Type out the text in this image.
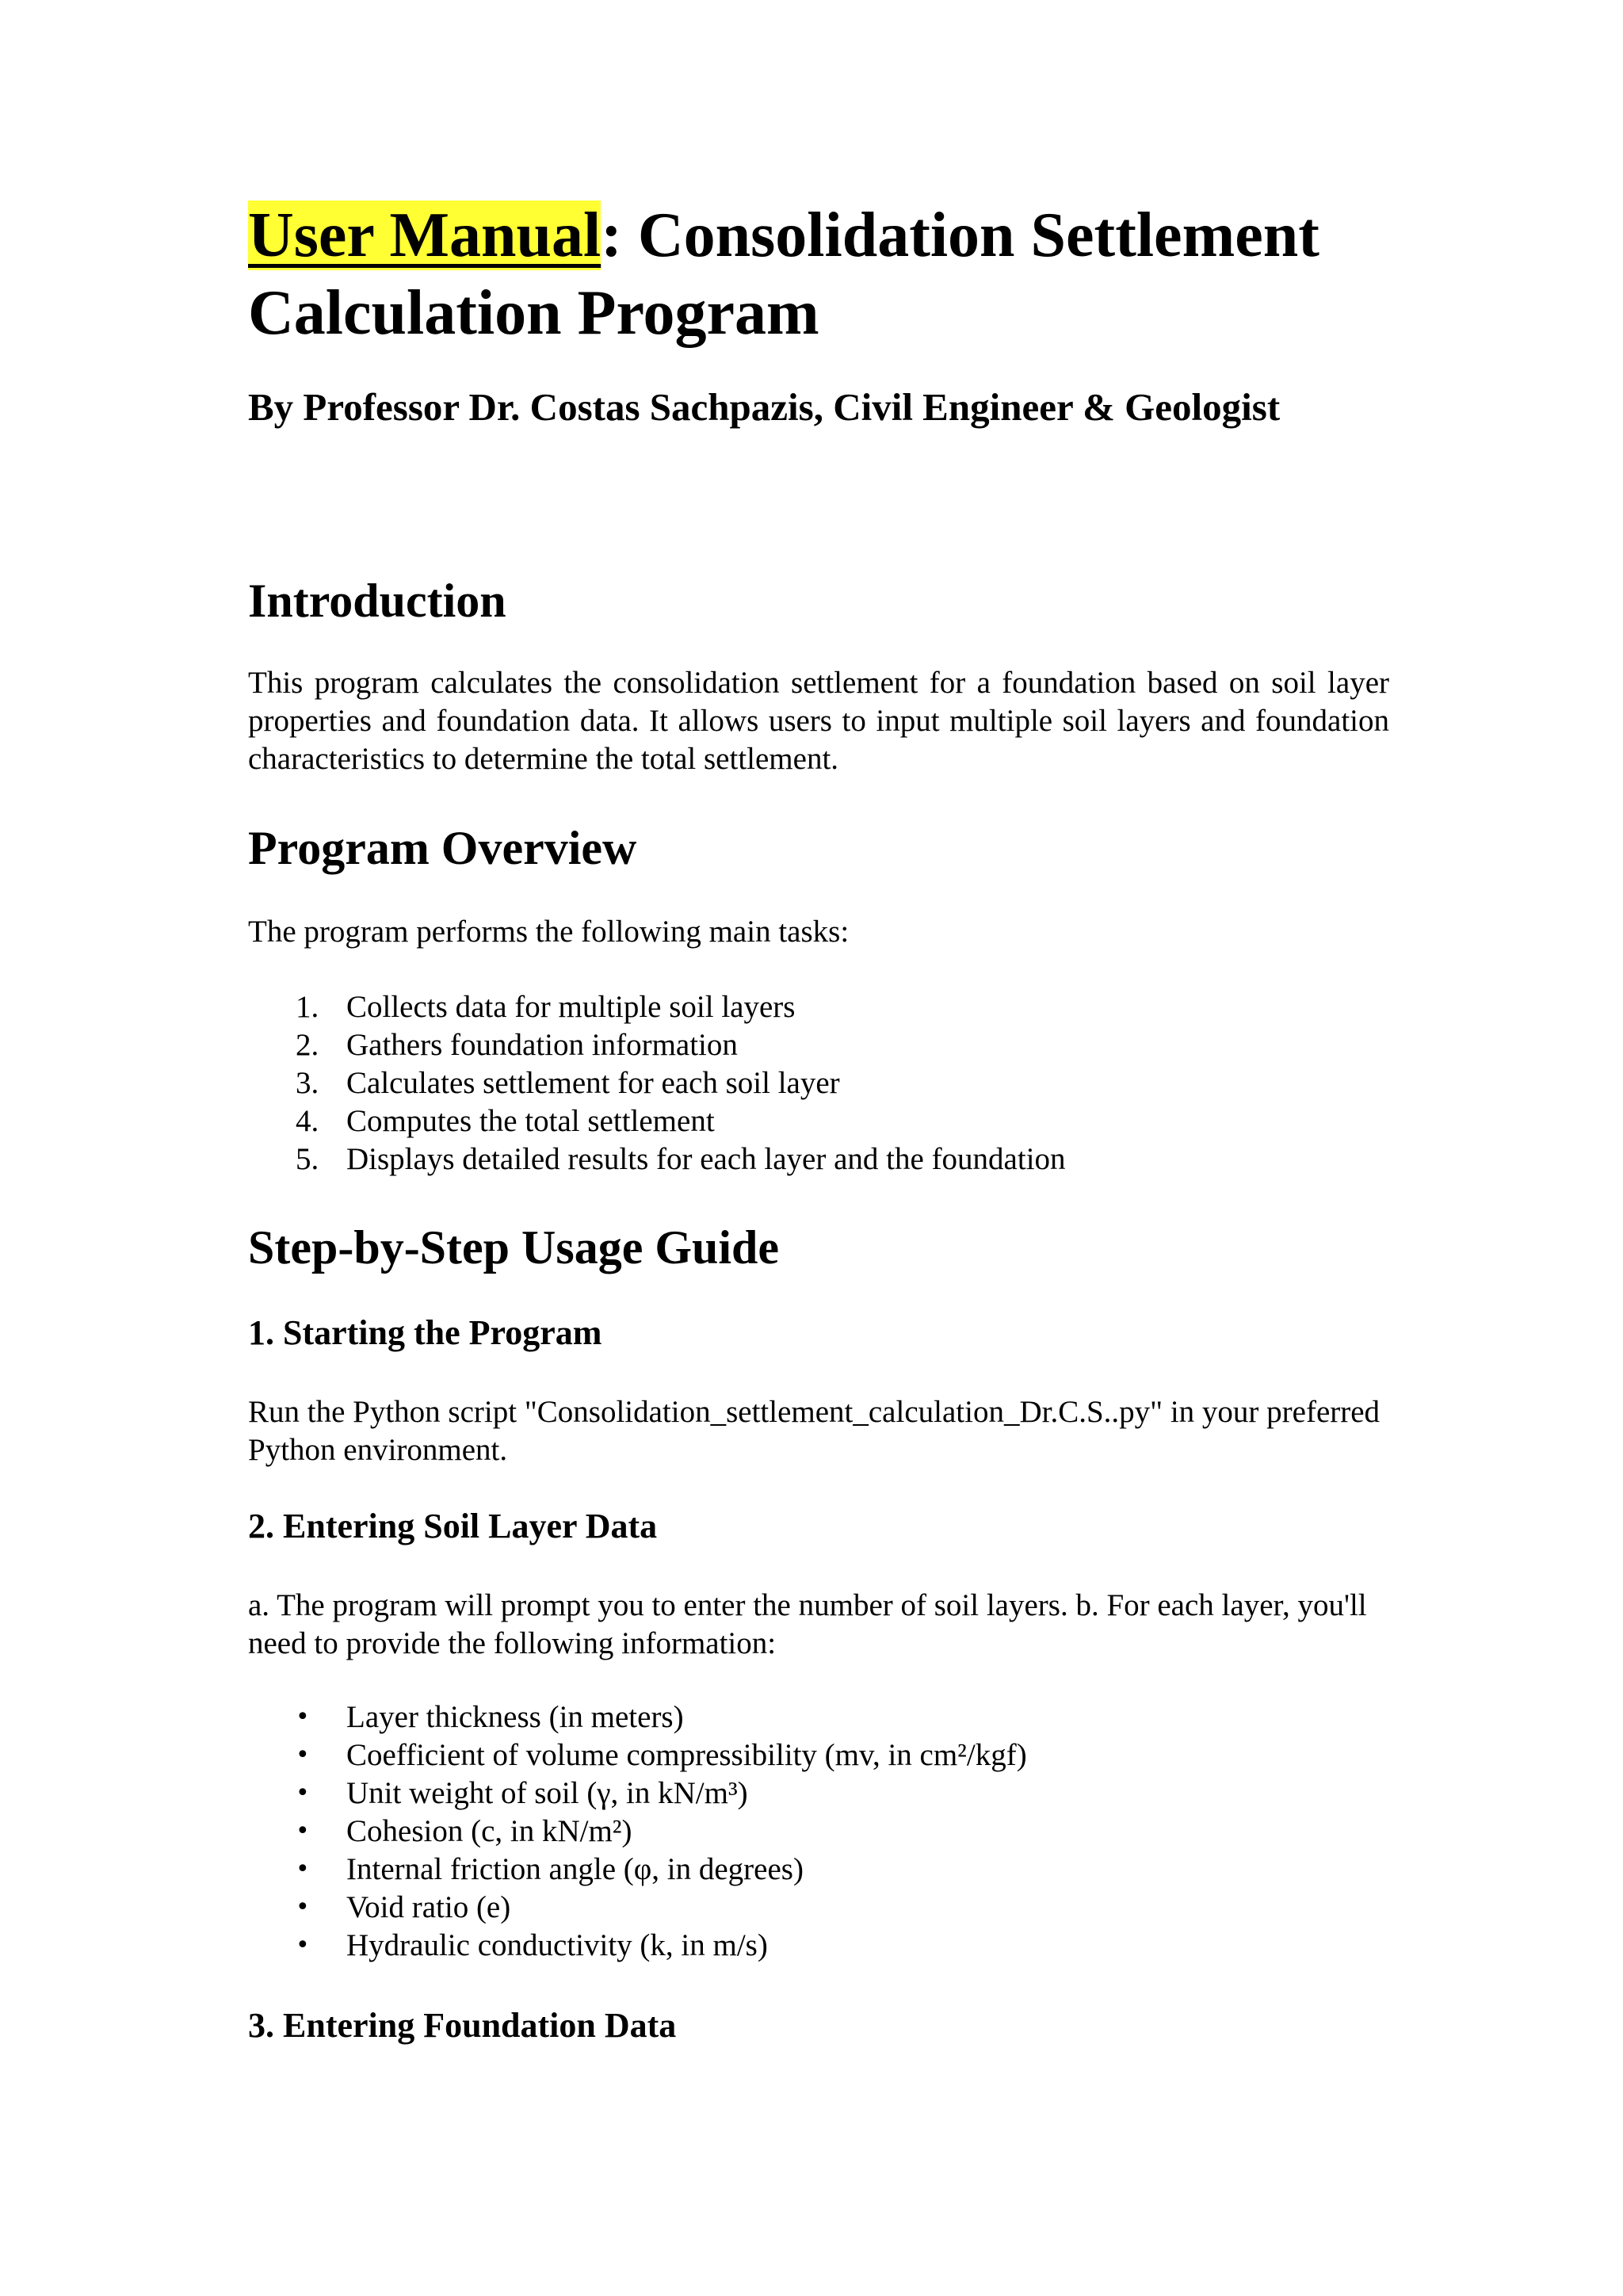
User Manual: Consolidation Settlement Calculation Program

By Professor Dr. Costas Sachpazis, Civil Engineer & Geologist

Introduction

This program calculates the consolidation settlement for a foundation based on soil layer properties and foundation data. It allows users to input multiple soil layers and foundation characteristics to determine the total settlement.

Program Overview

The program performs the following main tasks:

1. Collects data for multiple soil layers
2. Gathers foundation information
3. Calculates settlement for each soil layer
4. Computes the total settlement
5. Displays detailed results for each layer and the foundation
Step-by-Step Usage Guide
1. Starting the Program

Run the Python script "Consolidation_settlement_calculation_Dr.C.S..py" in your preferred Python environment.

2. Entering Soil Layer Data

a. The program will prompt you to enter the number of soil layers. b. For each layer, you'll need to provide the following information:

• Layer thickness (in meters)
• Coefficient of volume compressibility (mv, in cm²/kgf)
• Unit weight of soil (γ, in kN/m³)
• Cohesion (c, in kN/m²)
• Internal friction angle (φ, in degrees)
• Void ratio (e)
• Hydraulic conductivity (k, in m/s)
3. Entering Foundation Data
